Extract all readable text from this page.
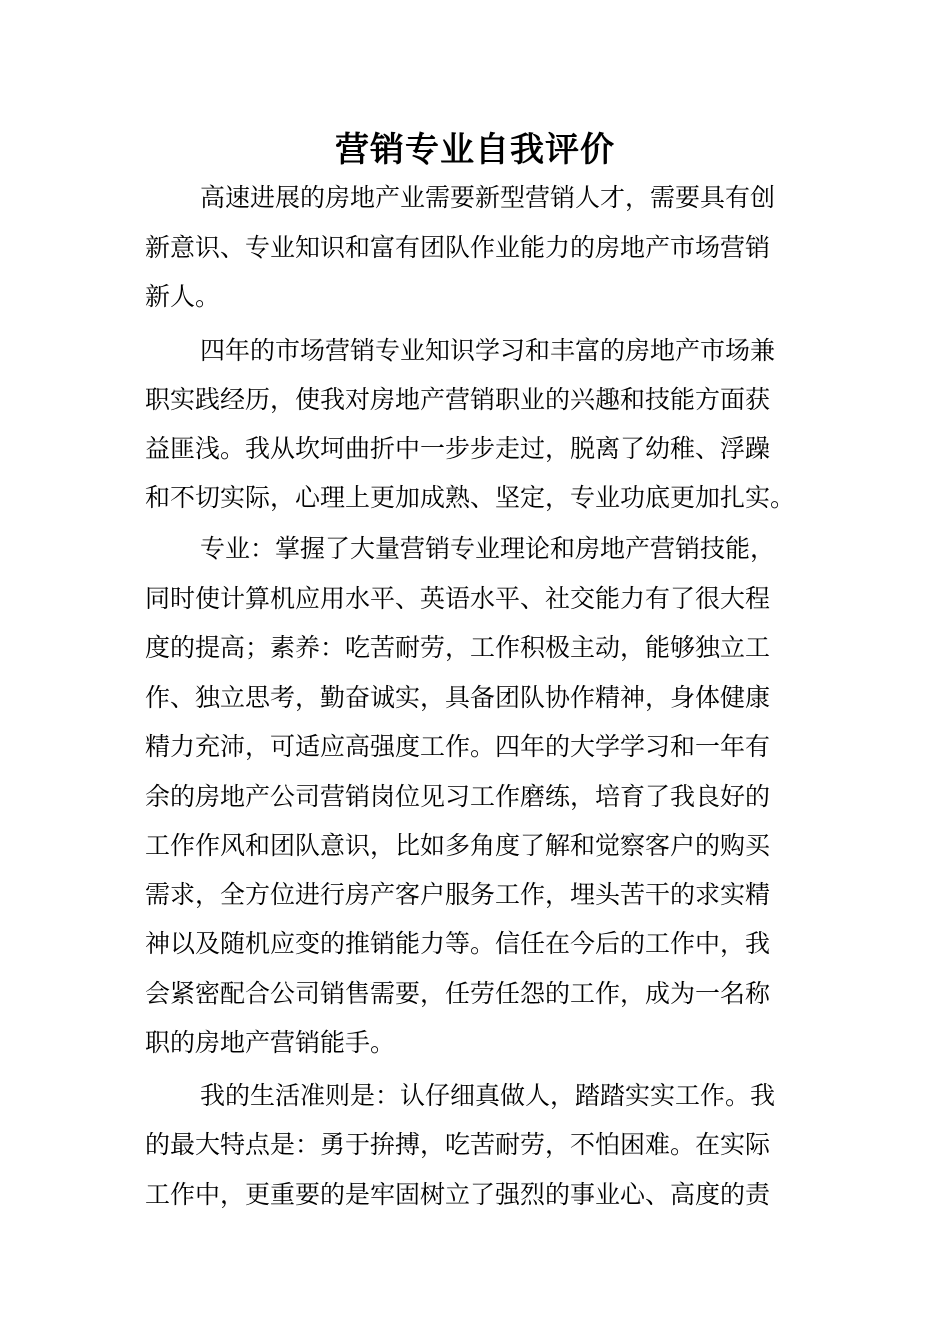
营销专业自我评价
高速进展的房地产业需要新型营销人才，需要具有创
新意识、专业知识和富有团队作业能力的房地产市场营销
新人。
四年的市场营销专业知识学习和丰富的房地产市场兼
职实践经历，使我对房地产营销职业的兴趣和技能方面获
益匪浅。我从坎坷曲折中一步步走过，脱离了幼稚、浮躁
和不切实际，心理上更加成熟、坚定，专业功底更加扎实。
专业：掌握了大量营销专业理论和房地产营销技能，
同时使计算机应用水平、英语水平、社交能力有了很大程
度的提高；素养：吃苦耐劳，工作积极主动，能够独立工
作、独立思考，勤奋诚实，具备团队协作精神，身体健康
精力充沛，可适应高强度工作。四年的大学学习和一年有
余的房地产公司营销岗位见习工作磨练，培育了我良好的
工作作风和团队意识，比如多角度了解和觉察客户的购买
需求，全方位进行房产客户服务工作，埋头苦干的求实精
神以及随机应变的推销能力等。信任在今后的工作中，我
会紧密配合公司销售需要，任劳任怨的工作，成为一名称
职的房地产营销能手。
我的生活准则是：认仔细真做人，踏踏实实工作。我
的最大特点是：勇于拚搏，吃苦耐劳，不怕困难。在实际
工作中，更重要的是牢固树立了强烈的事业心、高度的责
